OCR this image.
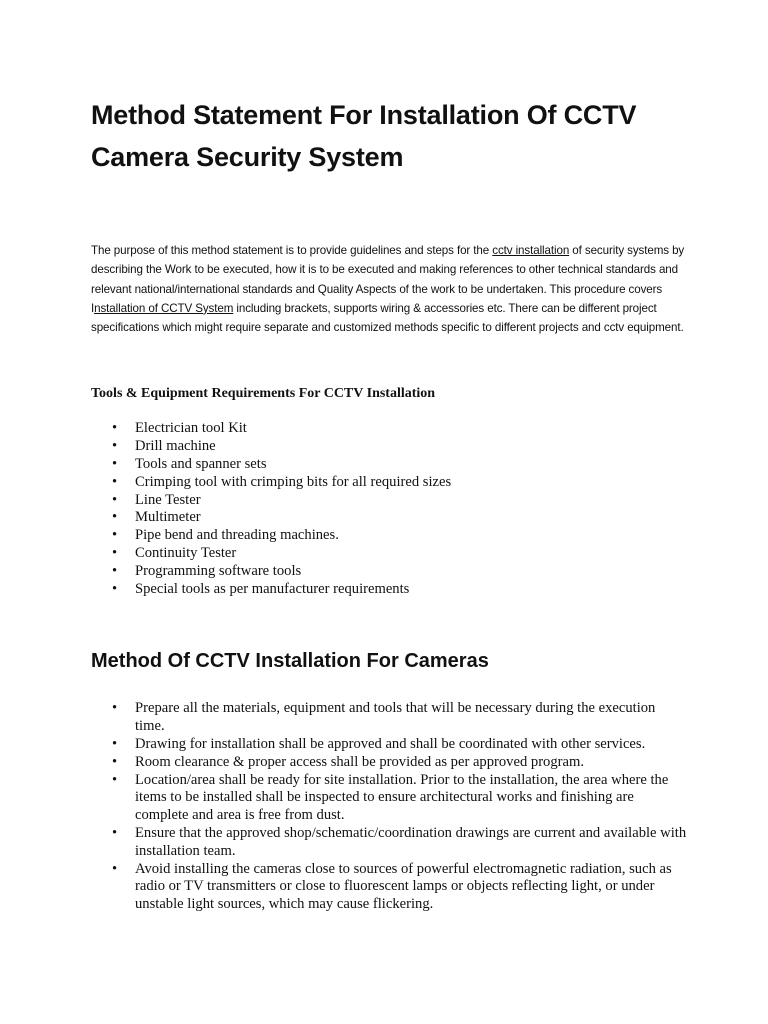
Method Statement For Installation Of CCTV
Camera Security System

The purpose of this method statement is to provide guidelines and steps for the cctv installation of security systems by describing the Work to be executed, how it is to be executed and making references to other technical standards and relevant national/international standards and Quality Aspects of the work to be undertaken. This procedure covers Installation of CCTV System including brackets, supports wiring & accessories etc. There can be different project specifications which might require separate and customized methods specific to different projects and cctv equipment.

Tools & Equipment Requirements For CCTV Installation
• Electrician tool Kit
• Drill machine
• Tools and spanner sets
• Crimping tool with crimping bits for all required sizes
• Line Tester
• Multimeter
• Pipe bend and threading machines.
• Continuity Tester
• Programming software tools
• Special tools as per manufacturer requirements
Method Of CCTV Installation For Cameras
• Prepare all the materials, equipment and tools that will be necessary during the execution time.
• Drawing for installation shall be approved and shall be coordinated with other services.
• Room clearance & proper access shall be provided as per approved program.
• Location/area shall be ready for site installation. Prior to the installation, the area where the items to be installed shall be inspected to ensure architectural works and finishing are complete and area is free from dust.
• Ensure that the approved shop/schematic/coordination drawings are current and available with installation team.
• Avoid installing the cameras close to sources of powerful electromagnetic radiation, such as radio or TV transmitters or close to fluorescent lamps or objects reflecting light, or under unstable light sources, which may cause flickering.
